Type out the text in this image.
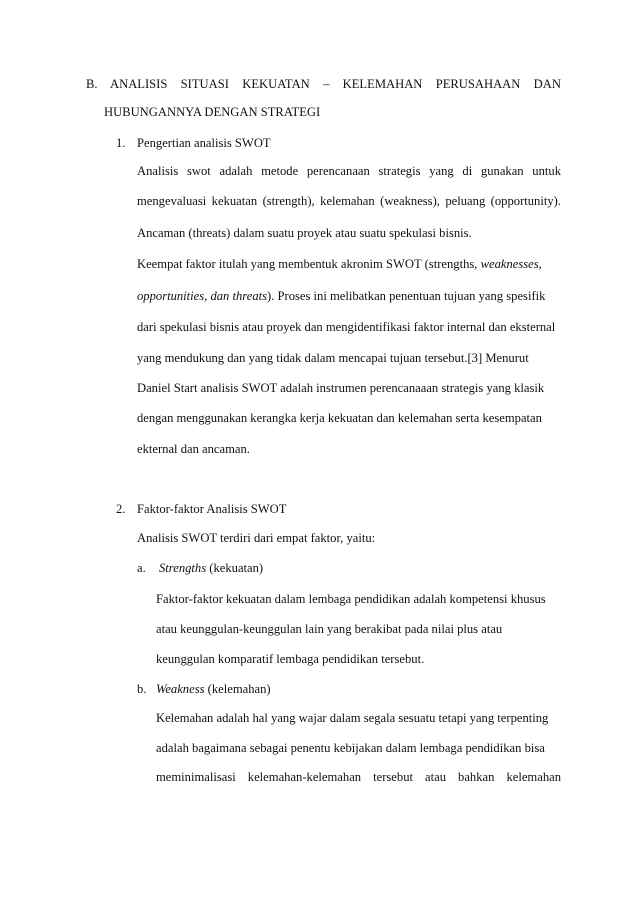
B. ANALISIS SITUASI KEKUATAN – KELEMAHAN PERUSAHAAN DAN

HUBUNGANNYA DENGAN STRATEGI

1. Pengertian analisis SWOT

Analisis swot adalah metode perencanaan strategis yang di gunakan untuk

mengevaluasi kekuatan (strength), kelemahan (weakness), peluang (opportunity).

Ancaman (threats) dalam suatu proyek atau suatu spekulasi bisnis.

Keempat faktor itulah yang membentuk akronim SWOT (strengths, weaknesses,

opportunities, dan threats). Proses ini melibatkan penentuan tujuan yang spesifik

dari spekulasi bisnis atau proyek dan mengidentifikasi faktor internal dan eksternal

yang mendukung dan yang tidak dalam mencapai tujuan tersebut.[3] Menurut

Daniel Start analisis SWOT adalah instrumen perencanaaan strategis yang klasik

dengan menggunakan kerangka kerja kekuatan dan kelemahan serta kesempatan

ekternal dan ancaman.

2. Faktor-faktor Analisis SWOT

Analisis SWOT terdiri dari empat faktor, yaitu:

a. Strengths (kekuatan)

Faktor-faktor kekuatan dalam lembaga pendidikan adalah kompetensi khusus

atau keunggulan-keunggulan lain yang berakibat pada nilai plus atau

keunggulan komparatif lembaga pendidikan tersebut.

b. Weakness (kelemahan)

Kelemahan adalah hal yang wajar dalam segala sesuatu tetapi yang terpenting

adalah bagaimana sebagai penentu kebijakan dalam lembaga pendidikan bisa

meminimalisasi kelemahan-kelemahan tersebut atau bahkan kelemahan
